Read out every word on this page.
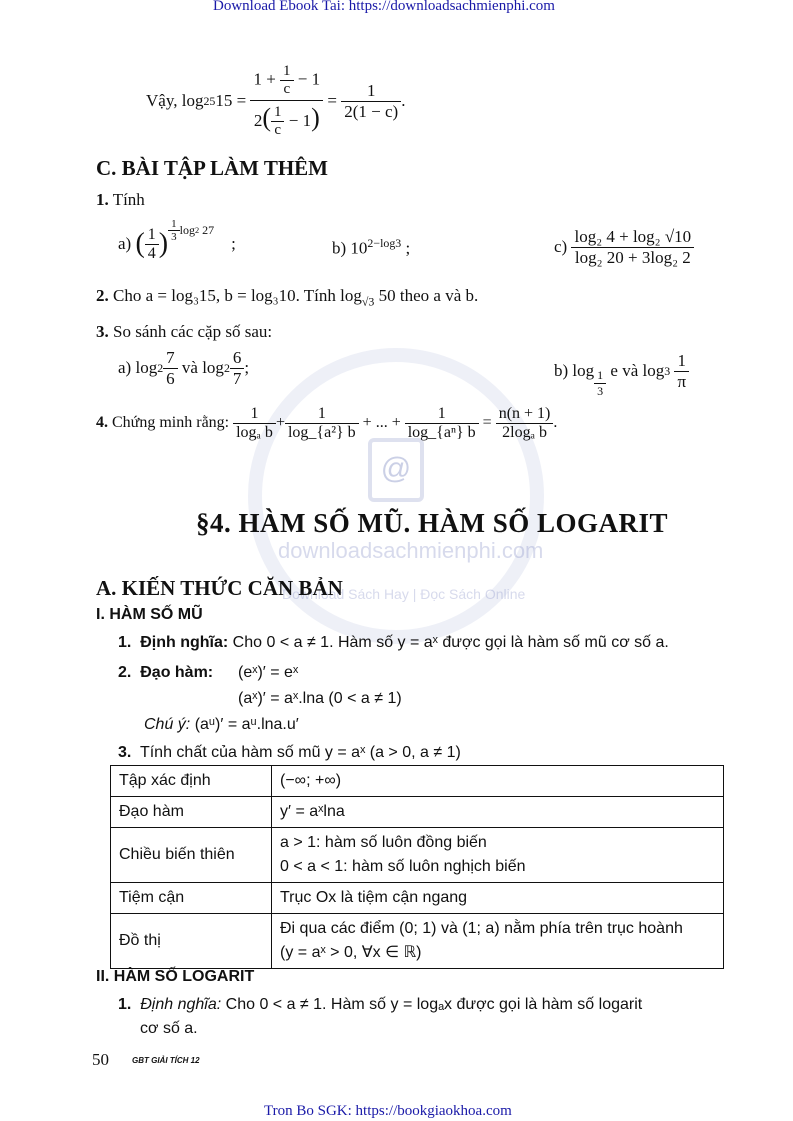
Download Ebook Tai: https://downloadsachmienphi.com
@
downloadsachmienphi.com
Download Sách Hay | Đọc Sách Online
Vậy, log 25 15 =
$\frac{1 + \frac{1}{c} - 1}{2( \frac{1}{c} - 1)}$
=
$\frac{1}{2(1 - c)}$ .
C. BÀI TẬP LÀM THÊM
1. Tính
a)
( $\frac{1}{4}$ ) $\frac{1}{3}$ log 2
27

;	b) $10^{2-log3}$ ;	c)
$\frac{\text{log₂ 4 + log₂ √10}}{\text{log₂ 20 + 3log₂ 2}}$
2. Cho a = log₃15, b = log₃10. Tính $\log_{√3} 50$ theo a và b.
3. So sánh các cặp số sau:
a)
$\log 2 \frac{7}{6}$
và
$\log 2 \frac{6}{7}$ ;	b)
$\log \frac{1}{3}$
e
và
log 3
$\frac{1}{\pi}$
4.
Chứng minh rằng:
$\frac{1}{\text{logₐ b}} + \frac{1}{\text{log\_\{a²\} b}}$
+ ... +
$\frac{1}{\text{log\_\{aⁿ\} b}}$
=
$\frac{n(n + 1)}{\text{2logₐ b}}$ .
§4. HÀM SỐ MŨ. HÀM SỐ LOGARIT
A. KIẾN THỨC CĂN BẢN
I. HÀM SỐ MŨ
1. Định nghĩa: Cho 0 < a ≠ 1. Hàm số y = aˣ được gọi là hàm số mũ cơ số a.
2. Đạo hàm: (eˣ)′ = eˣ
(aˣ)′ = aˣ.lna (0 < a ≠ 1)
Chú ý: (aᵘ)′ = aᵘ.lna.u′
3. Tính chất của hàm số mũ y = aˣ (a > 0, a ≠ 1)
Tập xác định	(−∞; +∞)

Đạo hàm	y′ = aˣlna

Chiều biến thiên	a > 1: hàm số luôn đồng biến
0 < a < 1: hàm số luôn nghịch biến

Tiệm cận	Trục Ox là tiệm cận ngang

Đồ thị	Đi qua các điểm (0; 1) và (1; a) nằm phía trên trục hoành
(y = aˣ > 0, ∀x ∈ ℝ)
II. HÀM SỐ LOGARIT
1. Định nghĩa: Cho 0 < a ≠ 1. Hàm số y = logₐx được gọi là hàm số logarit
cơ số a.
50	GBT GIẢI TÍCH 12
Tron Bo SGK: https://bookgiaokhoa.com
